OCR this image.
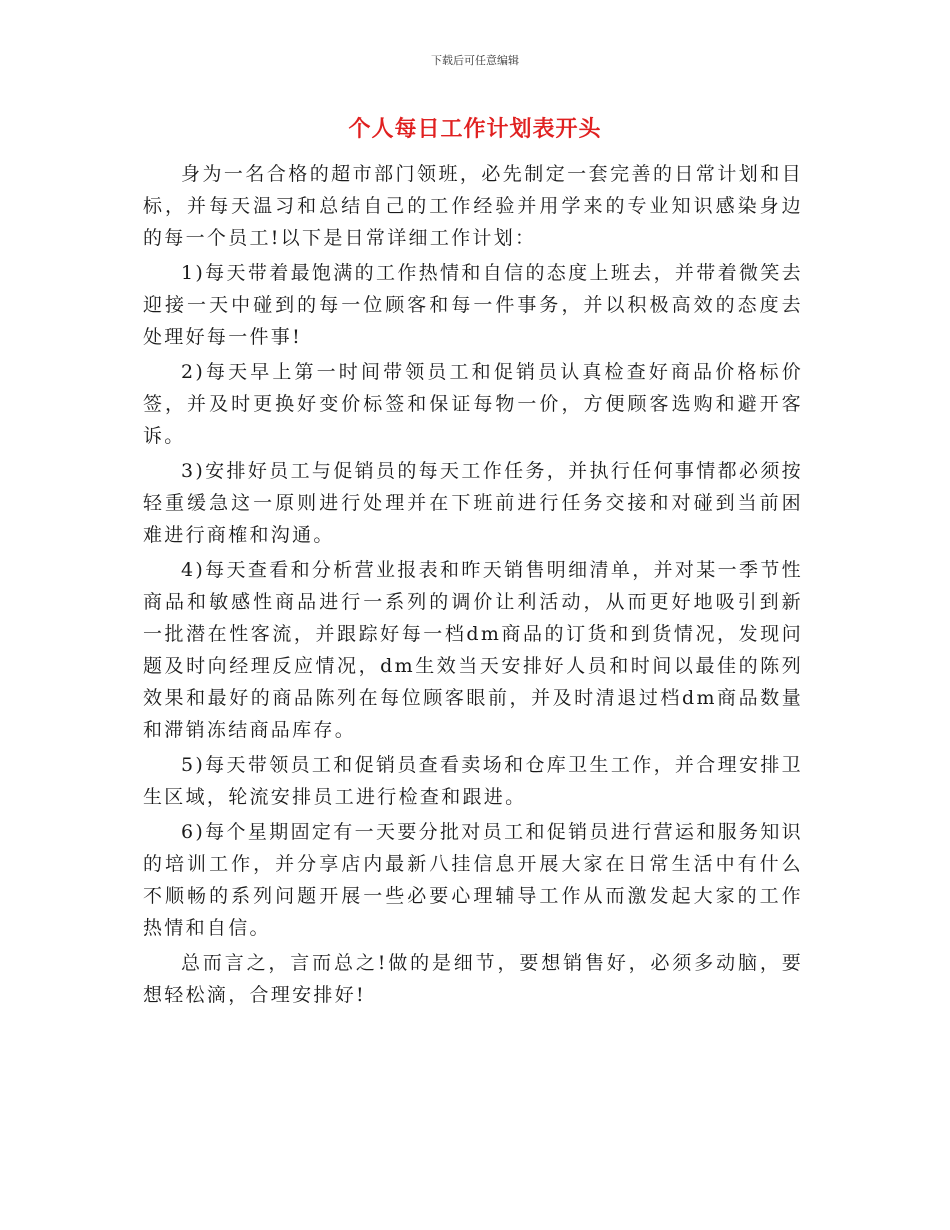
下载后可任意编辑
个人每日工作计划表开头

身为一名合格的超市部门领班，必先制定一套完善的日常计划和目标，并每天温习和总结自己的工作经验并用学来的专业知识感染身边的每一个员工!以下是日常详细工作计划：

1)每天带着最饱满的工作热情和自信的态度上班去，并带着微笑去迎接一天中碰到的每一位顾客和每一件事务，并以积极高效的态度去处理好每一件事!

2)每天早上第一时间带领员工和促销员认真检查好商品价格标价签，并及时更换好变价标签和保证每物一价，方便顾客选购和避开客诉。

3)安排好员工与促销员的每天工作任务，并执行任何事情都必须按轻重缓急这一原则进行处理并在下班前进行任务交接和对碰到当前困难进行商榷和沟通。

4)每天查看和分析营业报表和昨天销售明细清单，并对某一季节性商品和敏感性商品进行一系列的调价让利活动，从而更好地吸引到新一批潜在性客流，并跟踪好每一档dm商品的订货和到货情况，发现问题及时向经理反应情况，dm生效当天安排好人员和时间以最佳的陈列效果和最好的商品陈列在每位顾客眼前，并及时清退过档dm商品数量和滞销冻结商品库存。

5)每天带领员工和促销员查看卖场和仓库卫生工作，并合理安排卫生区域，轮流安排员工进行检查和跟进。

6)每个星期固定有一天要分批对员工和促销员进行营运和服务知识的培训工作，并分享店内最新八挂信息开展大家在日常生活中有什么不顺畅的系列问题开展一些必要心理辅导工作从而激发起大家的工作热情和自信。

总而言之，言而总之!做的是细节，要想销售好，必须多动脑，要想轻松滴，合理安排好!
